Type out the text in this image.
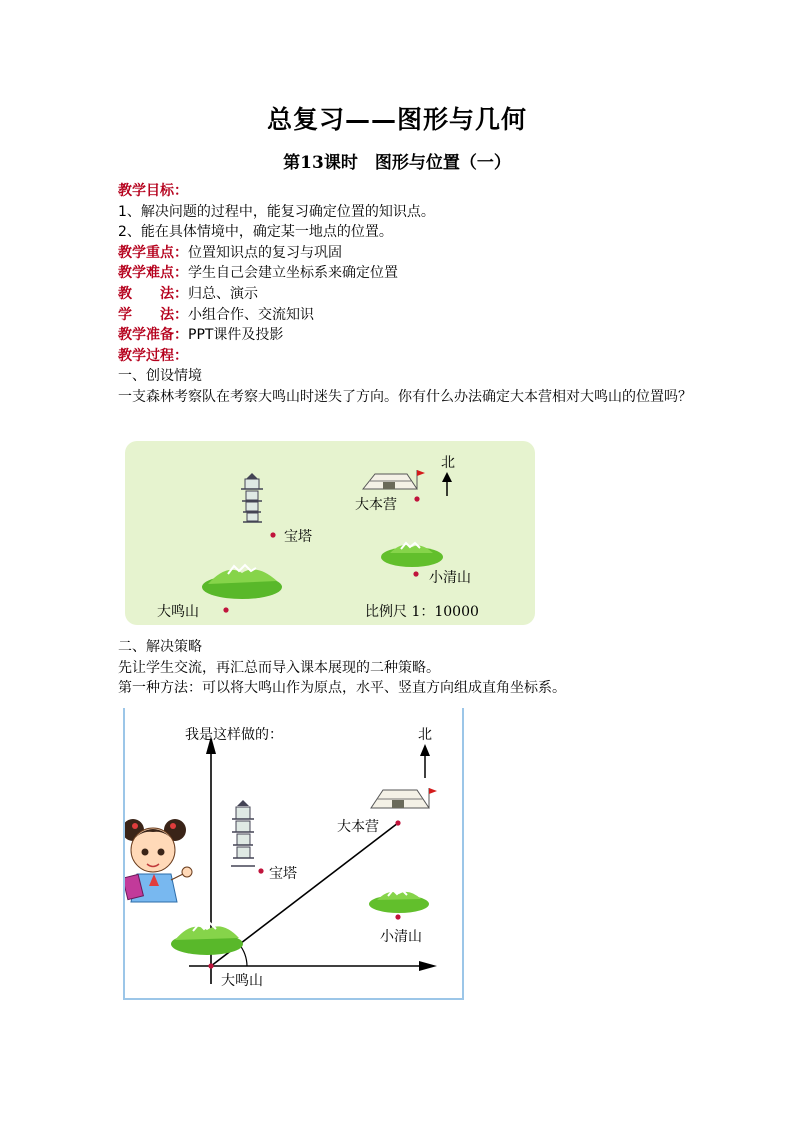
总复习——图形与几何
第13课时　图形与位置（一）
教学目标：
1、解决问题的过程中，能复习确定位置的知识点。
2、能在具体情境中，确定某一地点的位置。
教学重点：位置知识点的复习与巩固
教学难点：学生自己会建立坐标系来确定位置
教　　法：归总、演示
学　　法：小组合作、交流知识
教学准备：PPT课件及投影
教学过程：
一、创设情境
一支森林考察队在考察大鸣山时迷失了方向。你有什么办法确定大本营相对大鸣山的位置吗？
北
大本营
宝塔
小清山
大鸣山	比例尺 1：10000
二、解决策略
先让学生交流，再汇总而导入课本展现的二种策略。
第一种方法：可以将大鸣山作为原点，水平、竖直方向组成直角坐标系。
我是这样做的：	北
大本营
宝塔
小清山
大鸣山
